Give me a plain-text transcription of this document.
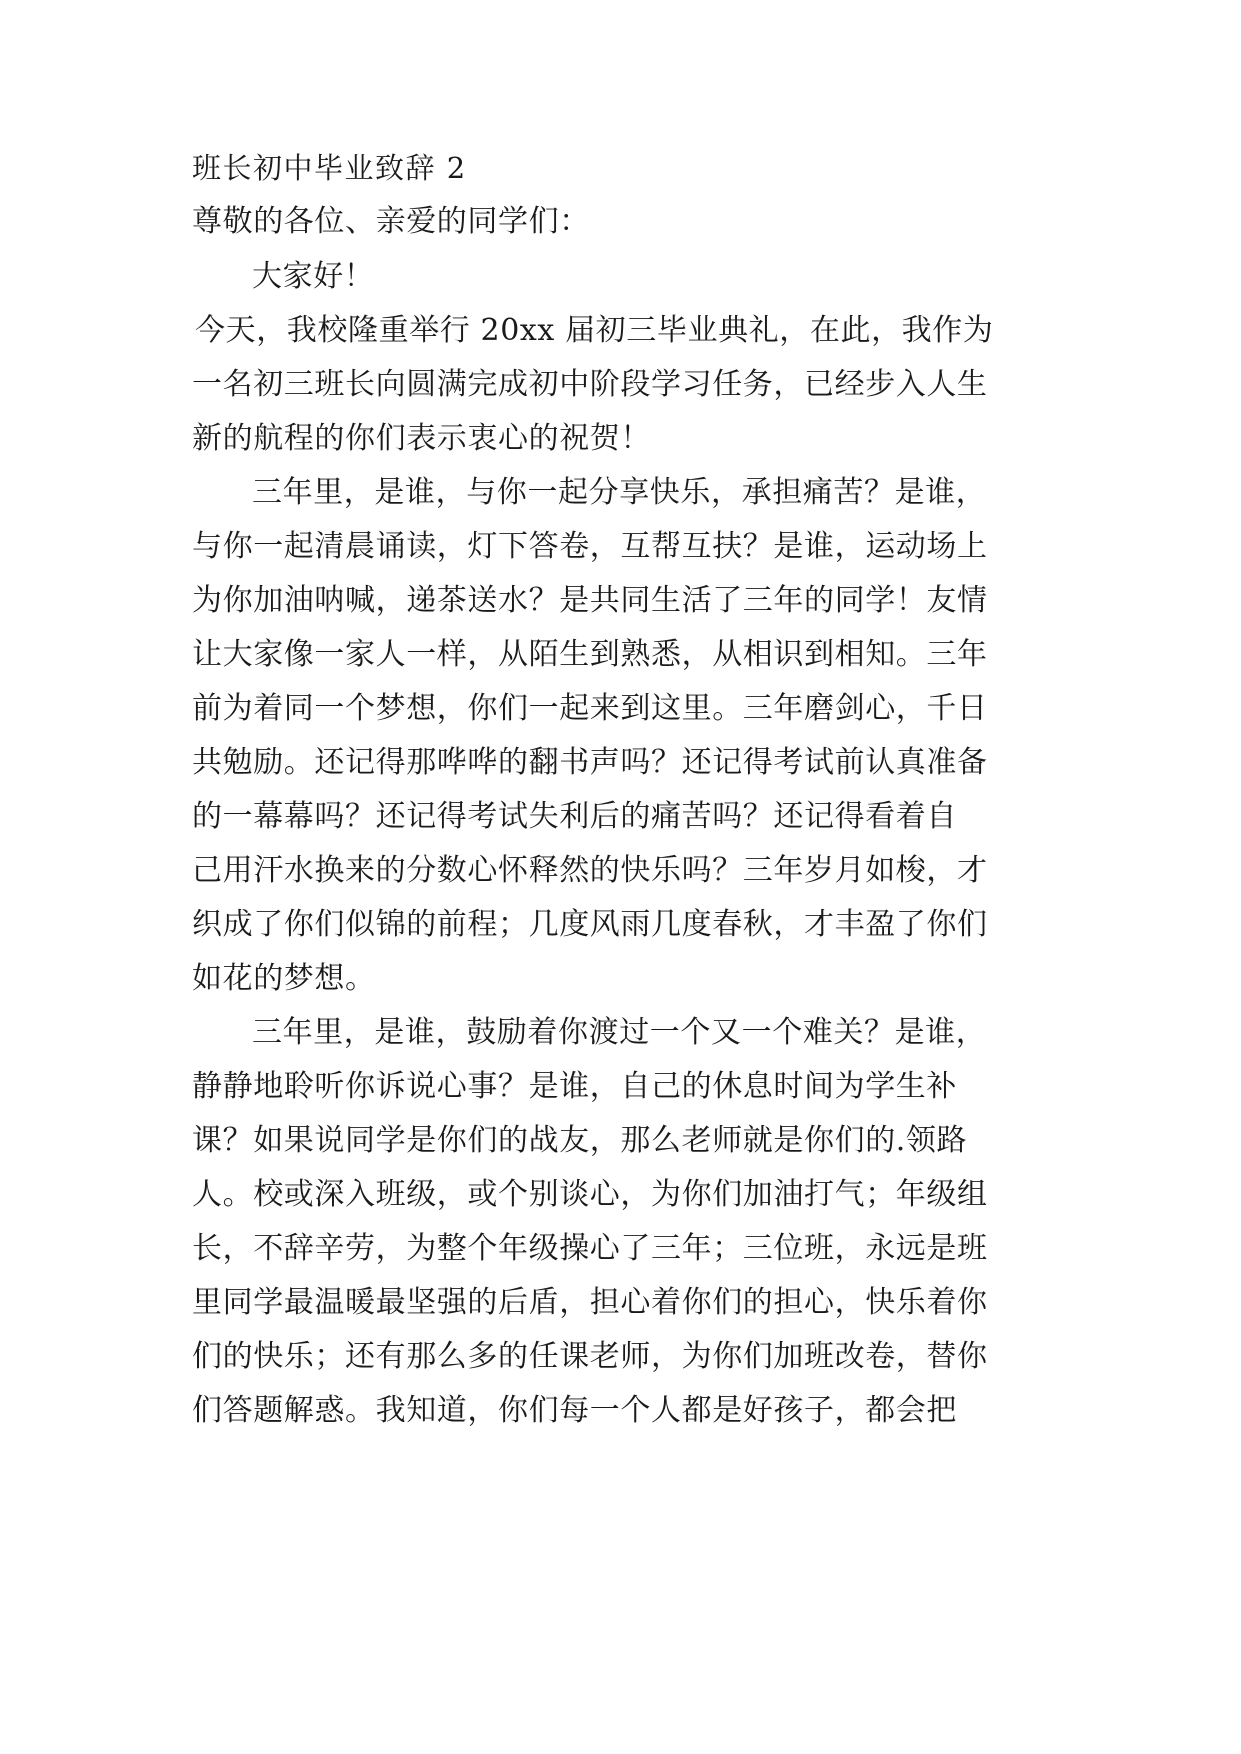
班长初中毕业致辞 2
尊敬的各位、亲爱的同学们：
大家好！
今天，我校隆重举行 20xx 届初三毕业典礼，在此，我作为
一名初三班长向圆满完成初中阶段学习任务，已经步入人生
新的航程的你们表示衷心的祝贺！
三年里，是谁，与你一起分享快乐，承担痛苦？是谁，
与你一起清晨诵读，灯下答卷，互帮互扶？是谁，运动场上
为你加油呐喊，递茶送水？是共同生活了三年的同学！友情
让大家像一家人一样，从陌生到熟悉，从相识到相知。三年
前为着同一个梦想，你们一起来到这里。三年磨剑心，千日
共勉励。还记得那哗哗的翻书声吗？还记得考试前认真准备
的一幕幕吗？还记得考试失利后的痛苦吗？还记得看着自
己用汗水换来的分数心怀释然的快乐吗？三年岁月如梭，才
织成了你们似锦的前程；几度风雨几度春秋，才丰盈了你们
如花的梦想。
三年里，是谁，鼓励着你渡过一个又一个难关？是谁，
静静地聆听你诉说心事？是谁，自己的休息时间为学生补
课？如果说同学是你们的战友，那么老师就是你们的.领路
人。校或深入班级，或个别谈心，为你们加油打气；年级组
长，不辞辛劳，为整个年级操心了三年；三位班，永远是班
里同学最温暖最坚强的后盾，担心着你们的担心，快乐着你
们的快乐；还有那么多的任课老师，为你们加班改卷，替你
们答题解惑。我知道，你们每一个人都是好孩子，都会把
